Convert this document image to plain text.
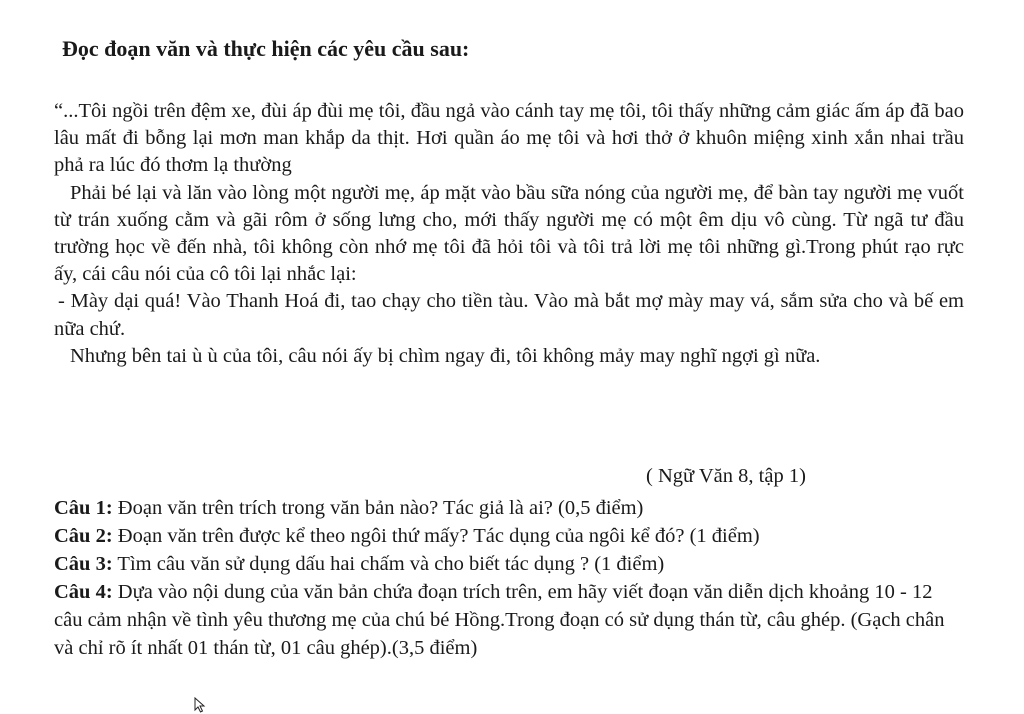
Đọc đoạn văn và thực hiện các yêu cầu sau:

“...Tôi ngồi trên đệm xe, đùi áp đùi mẹ tôi, đầu ngả vào cánh tay mẹ tôi, tôi thấy những cảm giác ấm áp đã bao lâu mất đi bỗng lại mơn man khắp da thịt. Hơi quần áo mẹ tôi và hơi thở ở khuôn miệng xinh xắn nhai trầu phả ra lúc đó thơm lạ thường

Phải bé lại và lăn vào lòng một người mẹ, áp mặt vào bầu sữa nóng của người mẹ, để bàn tay người mẹ vuốt từ trán xuống cằm và gãi rôm ở sống lưng cho, mới thấy người mẹ có một êm dịu vô cùng. Từ ngã tư đầu trường học về đến nhà, tôi không còn nhớ mẹ tôi đã hỏi tôi và tôi trả lời mẹ tôi những gì.Trong phút rạo rực ấy, cái câu nói của cô tôi lại nhắc lại:

- Mày dại quá! Vào Thanh Hoá đi, tao chạy cho tiền tàu. Vào mà bắt mợ mày may vá, sắm sửa cho và bế em nữa chứ.

Nhưng bên tai ù ù của tôi, câu nói ấy bị chìm ngay đi, tôi không mảy may nghĩ ngợi gì nữa.

( Ngữ Văn 8, tập 1)

Câu 1: Đoạn văn trên trích trong văn bản nào? Tác giả là ai? (0,5 điểm)

Câu 2: Đoạn văn trên được kể theo ngôi thứ mấy? Tác dụng của ngôi kể đó? (1 điểm)

Câu 3: Tìm câu văn sử dụng dấu hai chấm và cho biết tác dụng ? (1 điểm)

Câu 4: Dựa vào nội dung của văn bản chứa đoạn trích trên, em hãy viết đoạn văn diễn dịch khoảng 10 - 12 câu cảm nhận về tình yêu thương mẹ của chú bé Hồng.Trong đoạn có sử dụng thán từ, câu ghép. (Gạch chân và chỉ rõ ít nhất 01 thán từ, 01 câu ghép).(3,5 điểm)
